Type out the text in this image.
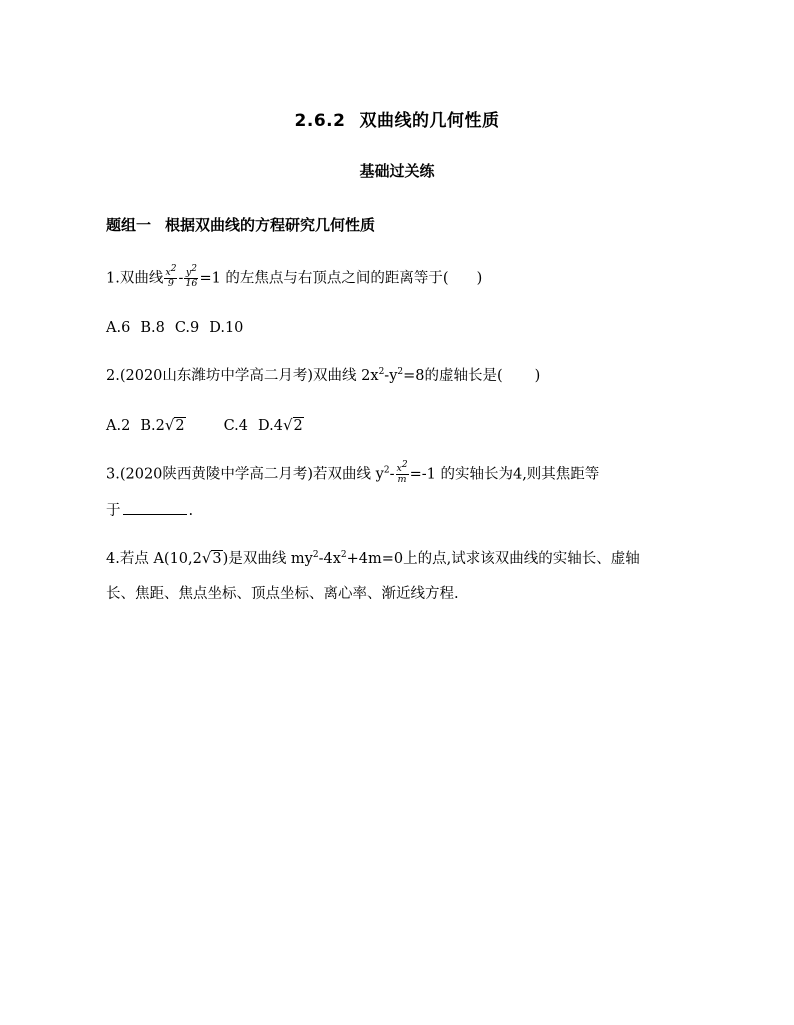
2.6.2 双曲线的几何性质
基础过关练
题组一 根据双曲线的方程研究几何性质
1.双曲线 $\frac{x^2}{9} - \frac{y^2}{16} =1$ 的左焦点与右顶点之间的距离等于( )
A.6 B.8 C.9 D.10
2.(2020山东潍坊中学高二月考)双曲线 $2x^2-y^2=8$的虚轴长是( )
A.2 B.2√2	C.4 D.4√2
3.(2020陕西黄陵中学高二月考)若双曲线 $y^2- \frac{x^2}{m} =-1$ 的实轴长为4,则其焦距等
于	.
4.若点 A(10,2√3)是双曲线 $my^2-4x^2+4m=0$上的点,试求该双曲线的实轴长、虚轴
长、焦距、焦点坐标、顶点坐标、离心率、渐近线方程.
